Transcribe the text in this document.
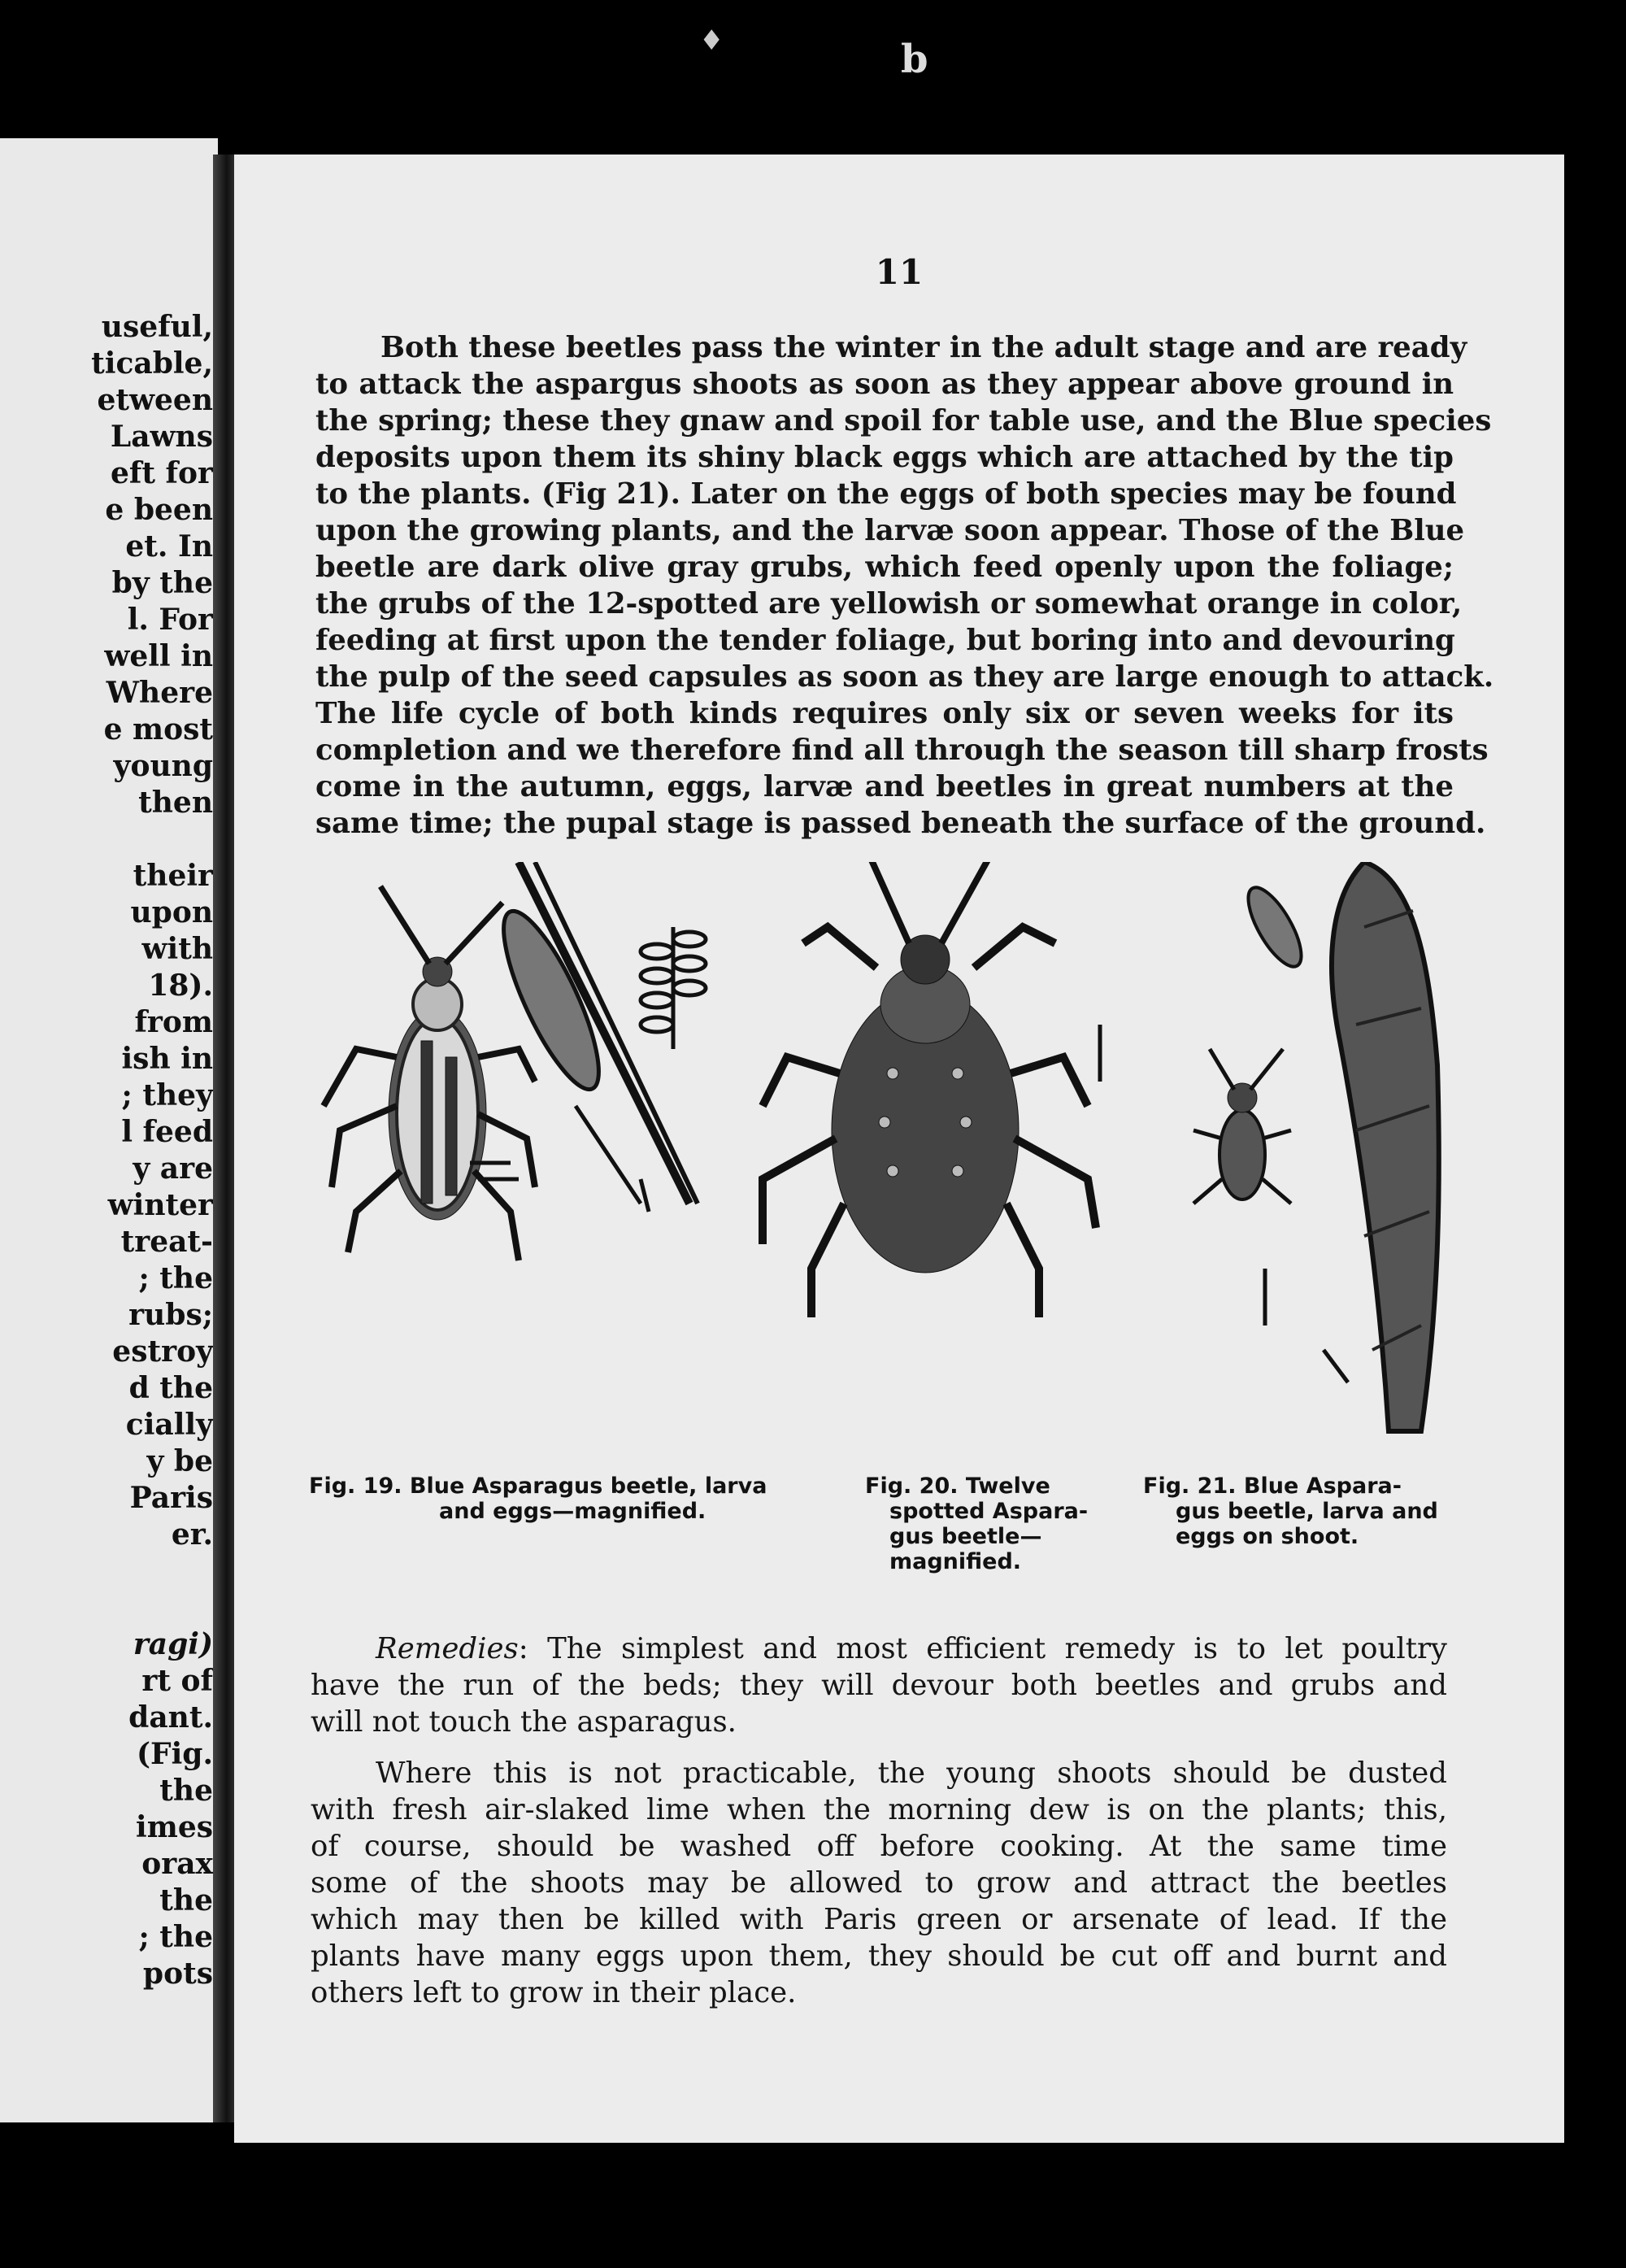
♦	b
useful,
ticable,
etween
Lawns
eft for
e been
et. In
by the
l. For
well in
Where
e most
young
then

their
upon
with
18).
from
ish in
; they
l feed
y are
winter
treat-
; the
rubs;
estroy
d the
cially
y be
Paris
er.

ragi)
rt of
dant.
(Fig.
the
imes
orax
the
; the
pots
11
Both these beetles pass the winter in the adult stage and are ready
to attack the aspargus shoots as soon as they appear above ground in
the spring; these they gnaw and spoil for table use, and the Blue species
deposits upon them its shiny black eggs which are attached by the tip
to the plants. (Fig 21). Later on the eggs of both species may be found
upon the growing plants, and the larvæ soon appear. Those of the Blue
beetle are dark olive gray grubs, which feed openly upon the foliage;
the grubs of the 12-spotted are yellowish or somewhat orange in color,
feeding at first upon the tender foliage, but boring into and devouring
the pulp of the seed capsules as soon as they are large enough to attack.
The life cycle of both kinds requires only six or seven weeks for its
completion and we therefore find all through the season till sharp frosts
come in the autumn, eggs, larvæ and beetles in great numbers at the
same time; the pupal stage is passed beneath the surface of the ground.
Fig. 19. Blue Asparagus beetle, larva
and eggs—magnified.
Fig. 20. Twelve
spotted Aspara-
gus beetle—
magnified.
Fig. 21. Blue Aspara-
gus beetle, larva and
eggs on shoot.
Remedies: The simplest and most efficient remedy is to let poultry
have the run of the beds; they will devour both beetles and grubs and
will not touch the asparagus.
Where this is not practicable, the young shoots should be dusted
with fresh air-slaked lime when the morning dew is on the plants; this,
of course, should be washed off before cooking. At the same time
some of the shoots may be allowed to grow and attract the beetles
which may then be killed with Paris green or arsenate of lead. If the
plants have many eggs upon them, they should be cut off and burnt and
others left to grow in their place.
